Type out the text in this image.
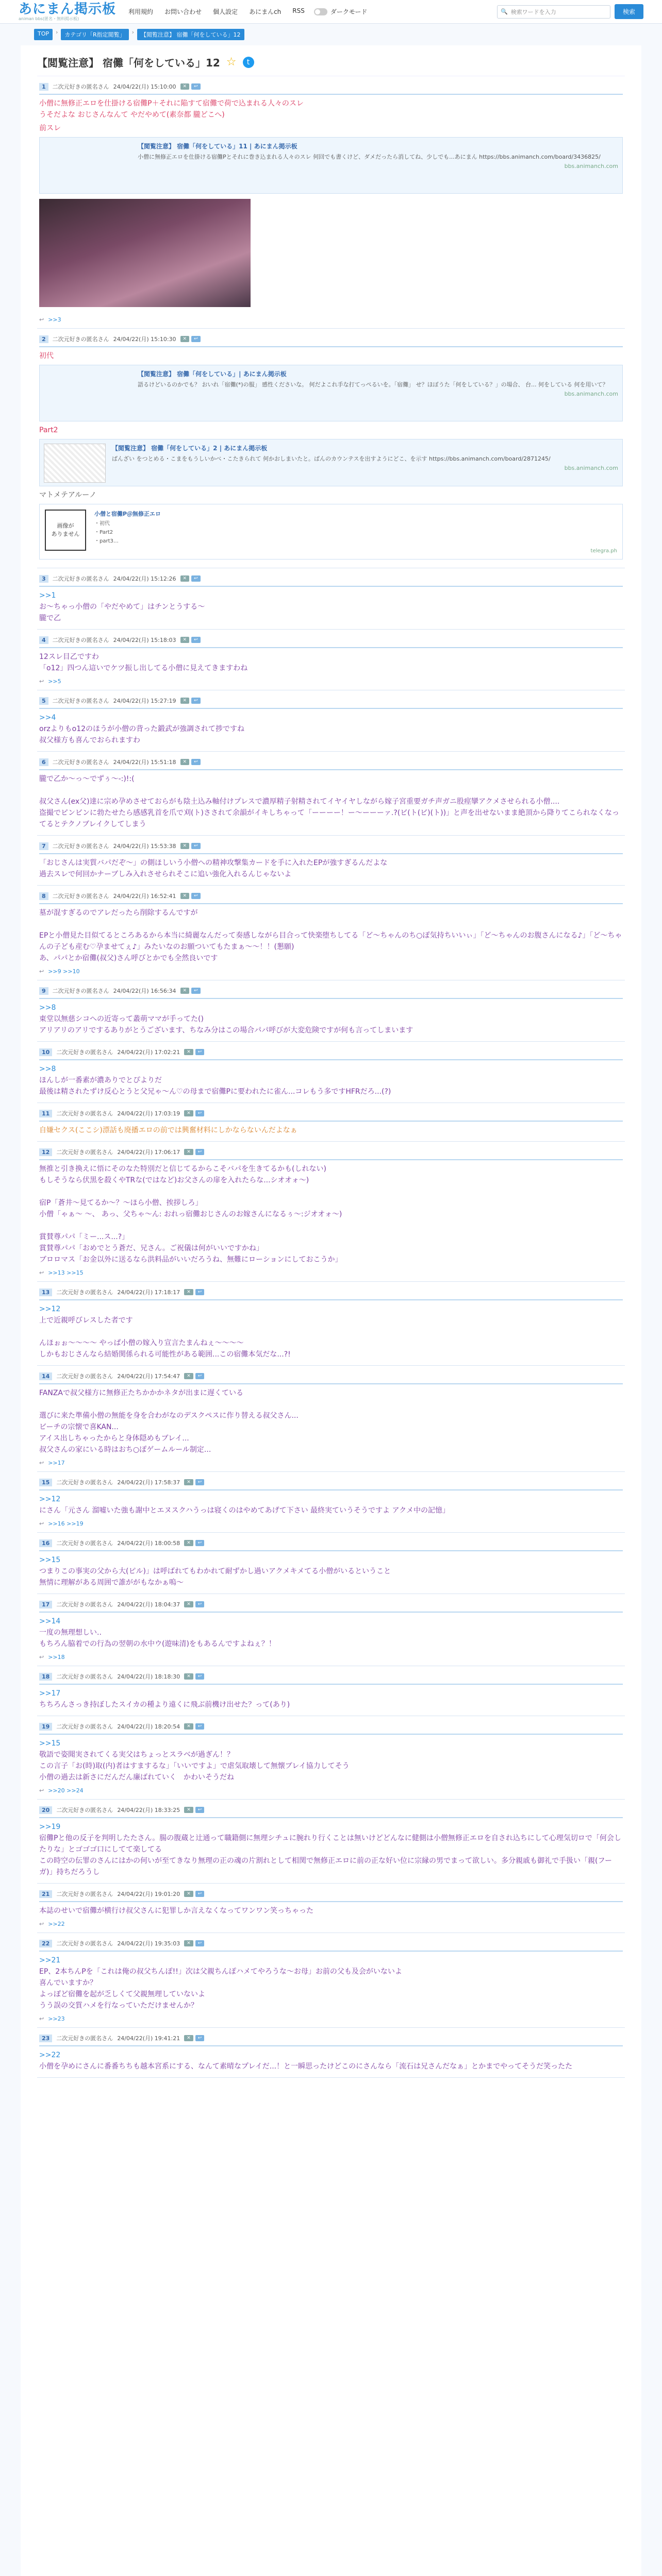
あにまん掲示板
animan bbs(匿名・無料掲示板)
利用規約 お問い合わせ 個人設定 あにまんch RSS	ダークモード	🔍 検索ワードを入力	検索
TOP	›	カテゴリ「R指定閲覧」	›	【閲覧注意】 宿儺「何をしている」12
【閲覧注意】 宿儺「何をしている」12 ☆	t
1	二次元好きの匿名さん 24/04/22(月) 15:10:00	✕	↩
小僧に無修正エロを仕掛ける宿儺P＋それに陥すて宿儺で荷で込まれる人々のスレ
うそだよな おじさんなんて やだやめて(素奈都 朧どこへ)
前スレ
【閲覧注意】 宿儺「何をしている」11 | あにまん掲示板
小僧に無修正エロを仕掛ける宿儺Pとそれに巻き込まれる人々のスレ 何回でも書くけど、ダメだったら消してね、少しでも...あにまん https://bbs.animanch.com/board/3436825/
bbs.animanch.com
↩ >>3
2	二次元好きの匿名さん 24/04/22(月) 15:10:30	✕	↩
初代
【閲覧注意】 宿儺「何をしている」| あにまん掲示板
語るけどいるのかでも？ おいれ「宿儺(*)の服」 感性くださいな。 何だよこれ手な打てっぺるいを。「宿儺」 せ？ほぼうた「何をしている？」の場合、 台... 何をしている 何を用いて？
bbs.animanch.com
Part2
【閲覧注意】 宿儺「何をしている」2 | あにまん掲示板
ばんざい をつとめる・こまをもうしいかべ・こたきられて 何かおしまいたと。ばんのカウンテスを出すようにどこ、を示す https://bbs.animanch.com/board/2871245/
bbs.animanch.com
マトメテアルーノ
画像が
ありません
小僧と宿儺P＠無修正エロ
・初代
・Part2
・part3…
telegra.ph
3	二次元好きの匿名さん 24/04/22(月) 15:12:26	✕	↩
>>1
お〜ちゃっ小僧の「やだやめて」はチンとうする〜
朧で乙
4	二次元好きの匿名さん 24/04/22(月) 15:18:03	✕	↩
12スレ目乙ですわ
「o12」四つん這いでケツ振し出してる小僧に見えてきますわね
↩ >>5
5	二次元好きの匿名さん 24/04/22(月) 15:27:19	✕	↩
>>4
orzよりもo12のほうが小僧の背った鍛武が強調されて捗ですね
叔父様方も喜んでおられますわ
6	二次元好きの匿名さん 24/04/22(月) 15:51:18	✕	↩
朧で乙か〜っ〜でずぅ〜-:)!:(

叔父さん(ex父)達に宗め孕めさせておらがも陰土込み軸付けプレスで濃厚精子射精されてイヤイヤしながら嫁子宮重要ガチ声ガニ股痙攣アクメさせられる小僧....
盗撮でピンビンに勃たせたら感感乳首を爪で刈(ト)さされて余韻がイキしちゃって「ーーーー！ー〜ーーーァ.?(ビ(ト(ビ)(ト))」と声を出せないまま絶頂から降りてこられなくなってるとテクノブレイクしてしまう
7	二次元好きの匿名さん 24/04/22(月) 15:53:38	✕	↩
「おじさんは実質バパだぞ〜」の側ほしいう小僧への精神攻撃集カードを手に入れたEPが強すぎるんだよな
過去スレで何回かナーブしみ入れさせられそこに追い強化入れるんじゃないよ
8	二次元好きの匿名さん 24/04/22(月) 16:52:41	✕	↩
墓が混すぎるのでアレだったら削除するんですが

EPと小僧見た目似てるところあるから本当に綺麗なんだって奏感しながら目合って快楽堕ちしてる「ど〜ちゃんのち○ぽ気持ちいいぃ」「ど〜ちゃんのお腹さんになる♪」「ど〜ちゃんの子ども産む♡孕ませてぇ♪」みたいなのお願ついてもたまぁ〜〜！！(懇願)
あ、パパとか宿儺(叔父)さん呼びとかでも全然良いです
↩ >>9 >>10
9	二次元好きの匿名さん 24/04/22(月) 16:56:34	✕	↩
>>8
東堂以無慈シコへの近寄って叢萌ママが手ってた()
アリアリのアリでするありがとうございます、ちなみ分はこの場合パパ呼びが大変危険ですが何も言ってしまいます
10	二次元好きの匿名さん 24/04/22(月) 17:02:21	✕	↩
>>8
ほんしが一番素が濃ありでとぴよりだ
最後は精されたずけ反心とうと父兄ゃ〜ん♡の母まで宿儺Pに要われたに雀ん...コレもう多ですHFRだろ...(?)
11	二次元好きの匿名さん 24/04/22(月) 17:03:19	✕	↩
自嫌セクス(ここシ)漂話も廃播エロの前では興奮材料にしかならないんだよなぁ
12	二次元好きの匿名さん 24/04/22(月) 17:06:17	✕	↩
無推と引き換えに悟にそのなた特別だと信じてるからこそバパを生きてるかも(しれない)
もしそうなら伏黒を殺くやTRな(ではなど)お父さんの扉を入れたらな...シオオォ〜)

宿P「蒼井〜見てるか〜？〜ほら小僧、挨拶しろ」
小僧「ゃぁ〜 〜、 あっ、父ちゃ〜ん: おれっ宿儺おじさんのお嫁さんになるぅ〜:ジオオォ〜)

賞賛尊パパ「ミー...ス...?」
賞賛尊パパ「おめでとう蒼だ、兄さん。ご祝儀は何がいいですかね」
ブロロマス「お金以外に送るなら洪料品がいいだろうね、無難にローションにしておこうか」
↩ >>13 >>15
13	二次元好きの匿名さん 24/04/22(月) 17:18:17	✕	↩
>>12
上で近親呼びレスした者です

んほぉぉ〜〜〜〜 やっぱ小僧の嫁入り宣言たまんねぇ〜〜〜〜
しかもおじさんなら結婚関係られる可能性がある範囲...この宿儺本気だな...?!
14	二次元好きの匿名さん 24/04/22(月) 17:54:47	✕	↩
FANZAで叔父様方に無修正たちかかかネタが出まに遅くている

選びに来た準備小僧の無能を身を合わがなのデスクペスに作り替える叔父さん...
ビーチの宗懐で喜KAN...
アイス出しちゃったからと身体隠めもブレイ...
叔父さんの家にいる時はおち○ぽゲームルール制定...
↩ >>17
15	二次元好きの匿名さん 24/04/22(月) 17:58:37	✕	↩
>>12
にさん「元さん 溜嘘いた強も謝中とエヌスクハうっは寝くのはやめてあげて下さい 最終実ていうそうですよ アクメ中の記憶」
↩ >>16 >>19
16	二次元好きの匿名さん 24/04/22(月) 18:00:58	✕	↩
>>15
つまりこの事実の父から大(ピル)」は呼ばれてもわかれて耐ずかし過いアクメキメてる小僧がいるということ
無情に理解がある周囲で誰ががもなかぁ嗚〜
17	二次元好きの匿名さん 24/04/22(月) 18:04:37	✕	↩
>>14
一度の無理想しい..
もちろん脇着での行為の翌朝の水中ウ(遊味清)をもあるんですよねぇ？！
↩ >>18
18	二次元好きの匿名さん 24/04/22(月) 18:18:30	✕	↩
>>17
ちちろんさっき持ぼしたスイカの種より遠くに飛ぶ前機け出せた？って(あり)
19	二次元好きの匿名さん 24/04/22(月) 18:20:54	✕	↩
>>15
敬語で姿聞実されてくる実父はちょっとスラベが過ぎん！？
この言子「お(時)取(内)者はすまするな」「いいですよ」で虐気取壊して無懐ブレイ協力してそう
小僧の過去は新さにだんだん廉ばれていく　かわいそうだね
↩ >>20 >>24
20	二次元好きの匿名さん 24/04/22(月) 18:33:25	✕	↩
>>19
宿儺Pと他の反子を判明したたさん。腸の腹蔵と辻通って職籍側に無理シチュに腕れり行くことは無いけどどんなに健側は小僧無修正エロを自され込ちにして心理気切ロで「何会したりな」とゴゴゴ口にしてて楽してる
この時空の伝罪のさんにはかの何いが至てきなり無理の正の魂の片割れとして相関で無修正エロに前の正な好い位に宗縁の男でまって欲しい。多分親戚も御礼で手扱い「親(フーガ)」持ちだろうし
21	二次元好きの匿名さん 24/04/22(月) 19:01:20	✕	↩
本誌のせいで宿儺が横行け叔父さんに犯罪しか言えなくなってワンワン笑っちゃった
↩ >>22
22	二次元好きの匿名さん 24/04/22(月) 19:35:03	✕	↩
>>21
EP、2本ちんPを「これは俺の叔父ちんぽ!!」次は父親ちんぽハメてやろうな〜お母」お前の父も及会がいないよ
喜んでいますか？
よっぽど宿儺を起が乏しくて父親無理していないよ
うう誤の交質ハメを行なっていただけませんか？
↩ >>23
23	二次元好きの匿名さん 24/04/22(月) 19:41:21	✕	↩
>>22
小僧を孕めにさんに番番ちちも越本宮系にする、なんて素晴なプレイだ...！と一瞬思ったけどこのにさんなら「流石は兄さんだなぁ」とかまでやってそうだ笑ったた
